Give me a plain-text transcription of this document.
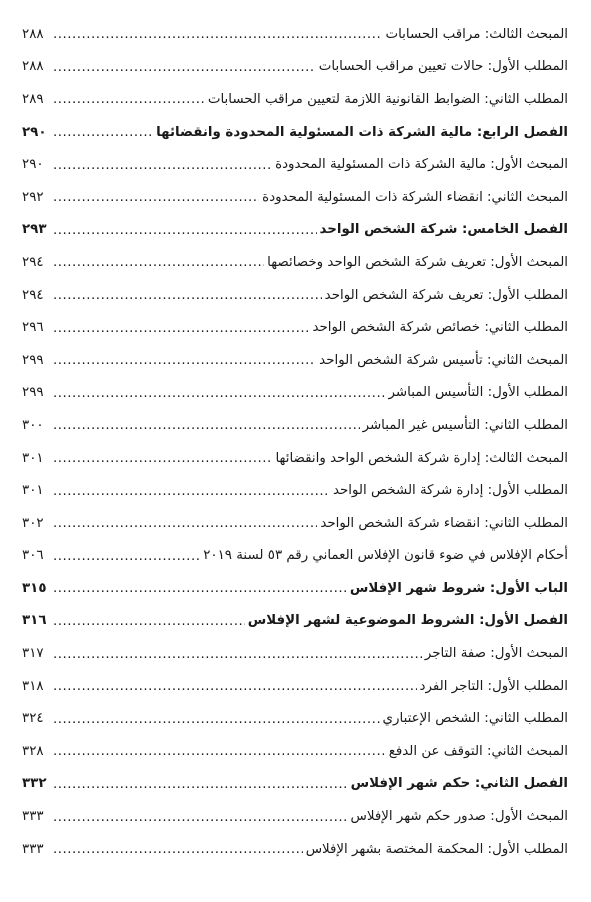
المبحث الثالث: مراقب الحسابات
.....
٢٨٨
المطلب الأول: حالات تعيين مراقب الحسابات
.....
٢٨٨
المطلب الثاني: الضوابط القانونية اللازمة لتعيين مراقب الحسابات
.....
٢٨٩
الفصل الرابع: مالية الشركة ذات المسئولية المحدودة وانقضائها
.....
٢٩٠
المبحث الأول: مالية الشركة ذات المسئولية المحدودة
.....
٢٩٠
المبحث الثاني: انقضاء الشركة ذات المسئولية المحدودة
.....
٢٩٢
الفصل الخامس: شركة الشخص الواحد
.....
٢٩٣
المبحث الأول: تعريف شركة الشخص الواحد وخصائصها
.....
٢٩٤
المطلب الأول: تعريف شركة الشخص الواحد
.....
٢٩٤
المطلب الثاني: خصائص شركة الشخص الواحد
.....
٢٩٦
المبحث الثاني: تأسيس شركة الشخص الواحد
.....
٢٩٩
المطلب الأول: التأسيس المباشر
.....
٢٩٩
المطلب الثاني: التأسيس غير المباشر
.....
٣٠٠
المبحث الثالث: إدارة شركة الشخص الواحد وانقضائها
.....
٣٠١
المطلب الأول: إدارة شركة الشخص الواحد
.....
٣٠١
المطلب الثاني: انقضاء شركة الشخص الواحد
.....
٣٠٢
أحكام الإفلاس في ضوء قانون الإفلاس العماني رقم ٥٣ لسنة ٢٠١٩
.....
٣٠٦
الباب الأول: شروط شهر الإفلاس
.....
٣١٥
الفصل الأول: الشروط الموضوعية لشهر الإفلاس
.....
٣١٦
المبحث الأول: صفة التاجر
.....
٣١٧
المطلب الأول: التاجر الفرد
.....
٣١٨
المطلب الثاني: الشخص الإعتباري
.....
٣٢٤
المبحث الثاني: التوقف عن الدفع
.....
٣٢٨
الفصل الثاني: حكم شهر الإفلاس
.....
٣٣٢
المبحث الأول: صدور حكم شهر الإفلاس
.....
٣٣٣
المطلب الأول: المحكمة المختصة بشهر الإفلاس
.....
٣٣٣
